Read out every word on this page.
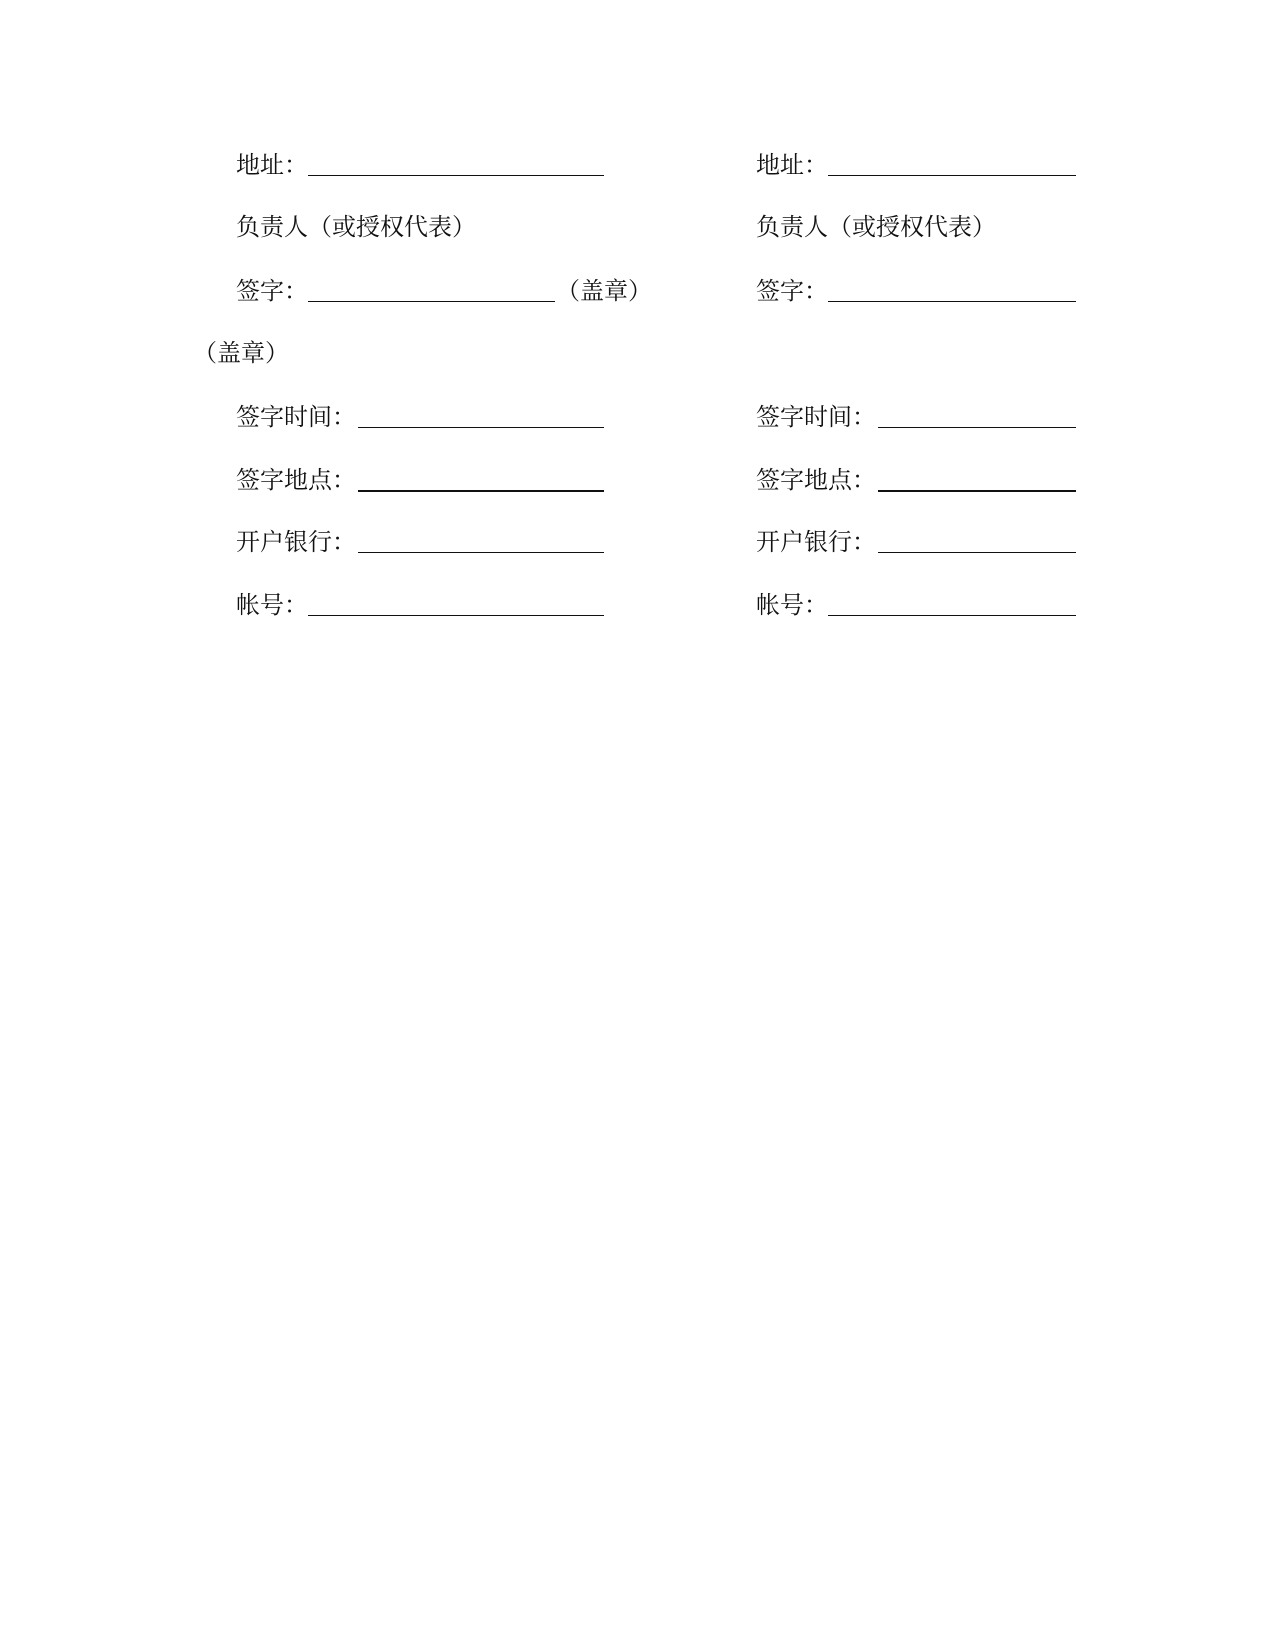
地址：
负责人（或授权代表）
签字：	（盖章）
（盖章）
签字时间：
签字地点：
开户银行：
帐号：
地址：
负责人（或授权代表）
签字：
签字时间：
签字地点：
开户银行：
帐号：
